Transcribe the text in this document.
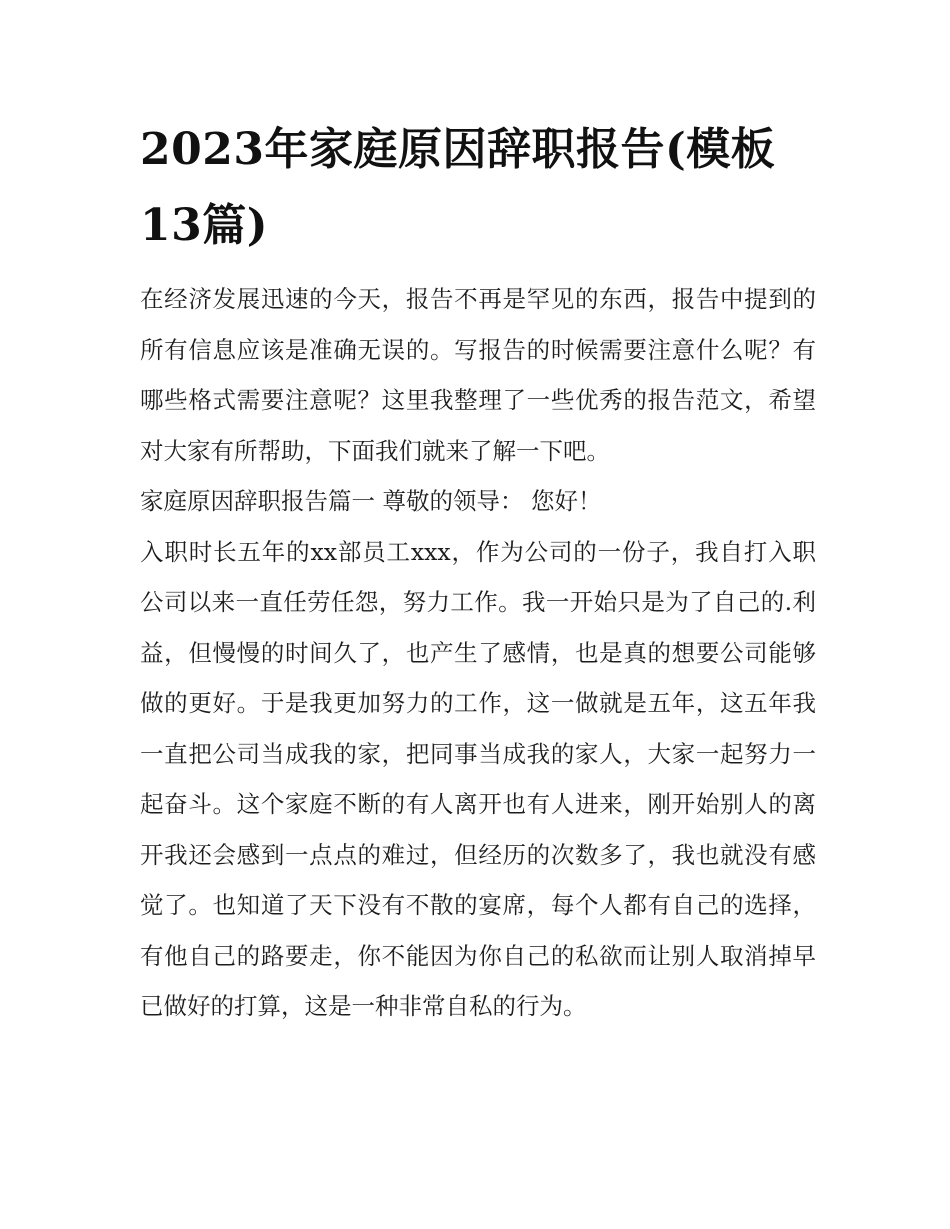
2023年家庭原因辞职报告(模板13篇)

在经济发展迅速的今天，报告不再是罕见的东西，报告中提到的所有信息应该是准确无误的。写报告的时候需要注意什么呢？有哪些格式需要注意呢？这里我整理了一些优秀的报告范文，希望对大家有所帮助，下面我们就来了解一下吧。

家庭原因辞职报告篇一 尊敬的领导： 您好！

入职时长五年的xx部员工xxx，作为公司的一份子，我自打入职公司以来一直任劳任怨，努力工作。我一开始只是为了自己的.利益，但慢慢的时间久了，也产生了感情，也是真的想要公司能够做的更好。于是我更加努力的工作，这一做就是五年，这五年我一直把公司当成我的家，把同事当成我的家人，大家一起努力一起奋斗。这个家庭不断的有人离开也有人进来，刚开始别人的离开我还会感到一点点的难过，但经历的次数多了，我也就没有感觉了。也知道了天下没有不散的宴席，每个人都有自己的选择，有他自己的路要走，你不能因为你自己的私欲而让别人取消掉早已做好的打算，这是一种非常自私的行为。
